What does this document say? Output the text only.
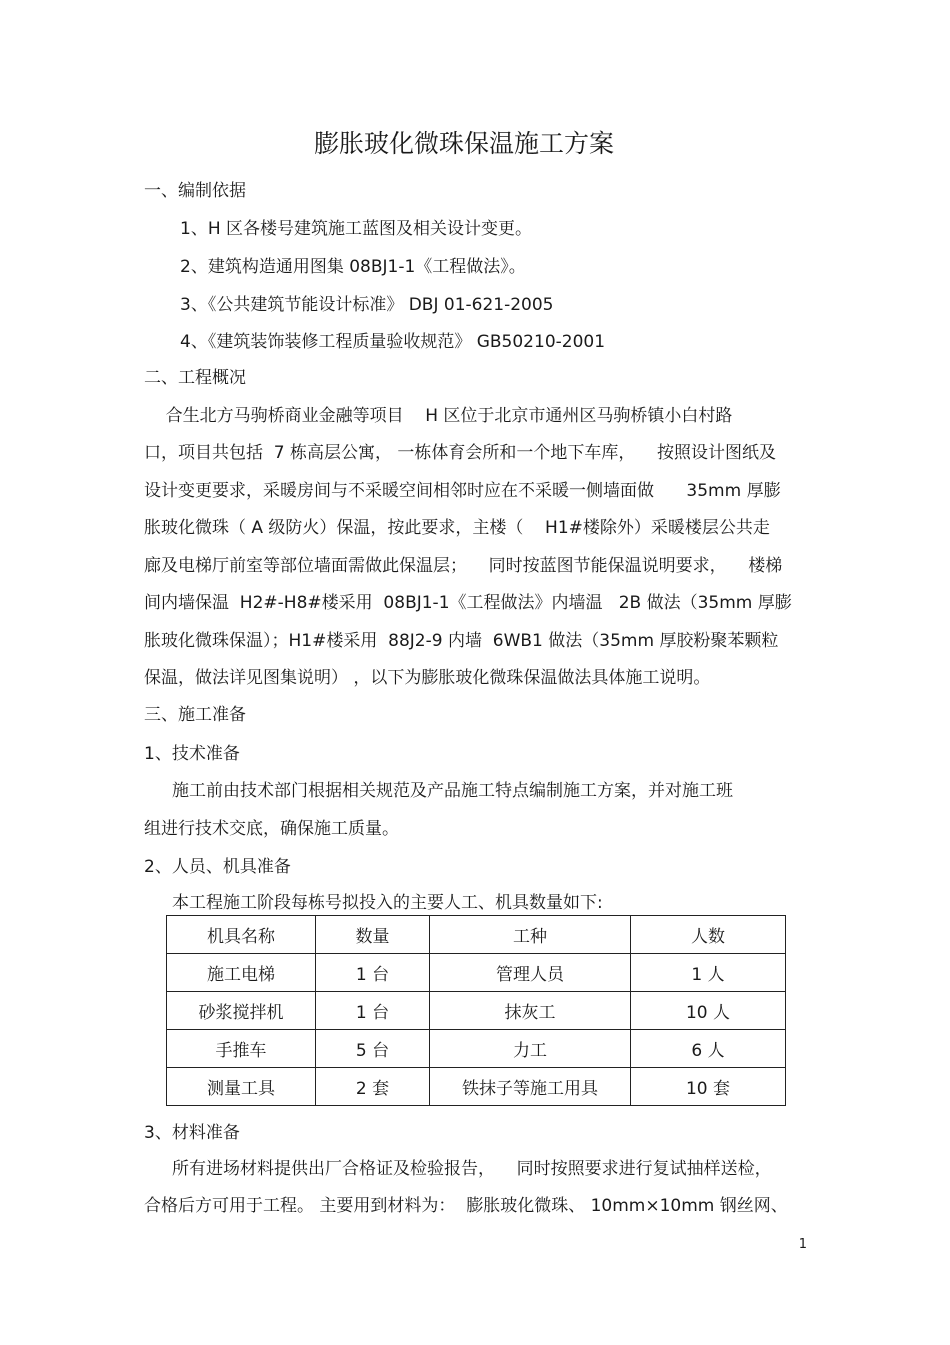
膨胀玻化微珠保温施工方案
一、编制依据
1、H 区各楼号建筑施工蓝图及相关设计变更。
2、建筑构造通用图集 08BJ1-1《工程做法》。
3、《公共建筑节能设计标准》 DBJ 01-621-2005
4、《建筑装饰装修工程质量验收规范》 GB50210-2001
二、工程概况
合生北方马驹桥商业金融等项目    H 区位于北京市通州区马驹桥镇小白村路
口，项目共包括  7 栋高层公寓， 一栋体育会所和一个地下车库，    按照设计图纸及
设计变更要求，采暖房间与不采暖空间相邻时应在不采暖一侧墙面做      35mm 厚膨
胀玻化微珠（ A 级防火）保温，按此要求，主楼（    H1#楼除外）采暖楼层公共走
廊及电梯厅前室等部位墙面需做此保温层；    同时按蓝图节能保温说明要求，    楼梯
间内墙保温  H2#-H8#楼采用  08BJ1-1《工程做法》内墙温   2B 做法（35mm 厚膨
胀玻化微珠保温）；H1#楼采用  88J2-9 内墙  6WB1 做法（35mm 厚胶粉聚苯颗粒
保温，做法详见图集说明） ，以下为膨胀玻化微珠保温做法具体施工说明。
三、施工准备
1、技术准备
施工前由技术部门根据相关规范及产品施工特点编制施工方案，并对施工班
组进行技术交底，确保施工质量。
2、人员、机具准备
本工程施工阶段每栋号拟投入的主要人工、机具数量如下:
机具名称	数量	工种	人数
施工电梯	1 台	管理人员	1 人
砂浆搅拌机	1 台	抹灰工	10 人
手推车	5 台	力工	6 人
测量工具	2 套	铁抹子等施工用具	10 套
3、材料准备
所有进场材料提供出厂合格证及检验报告，    同时按照要求进行复试抽样送检，
合格后方可用于工程。 主要用到材料为：  膨胀玻化微珠、 10mm×10mm 钢丝网、
1
